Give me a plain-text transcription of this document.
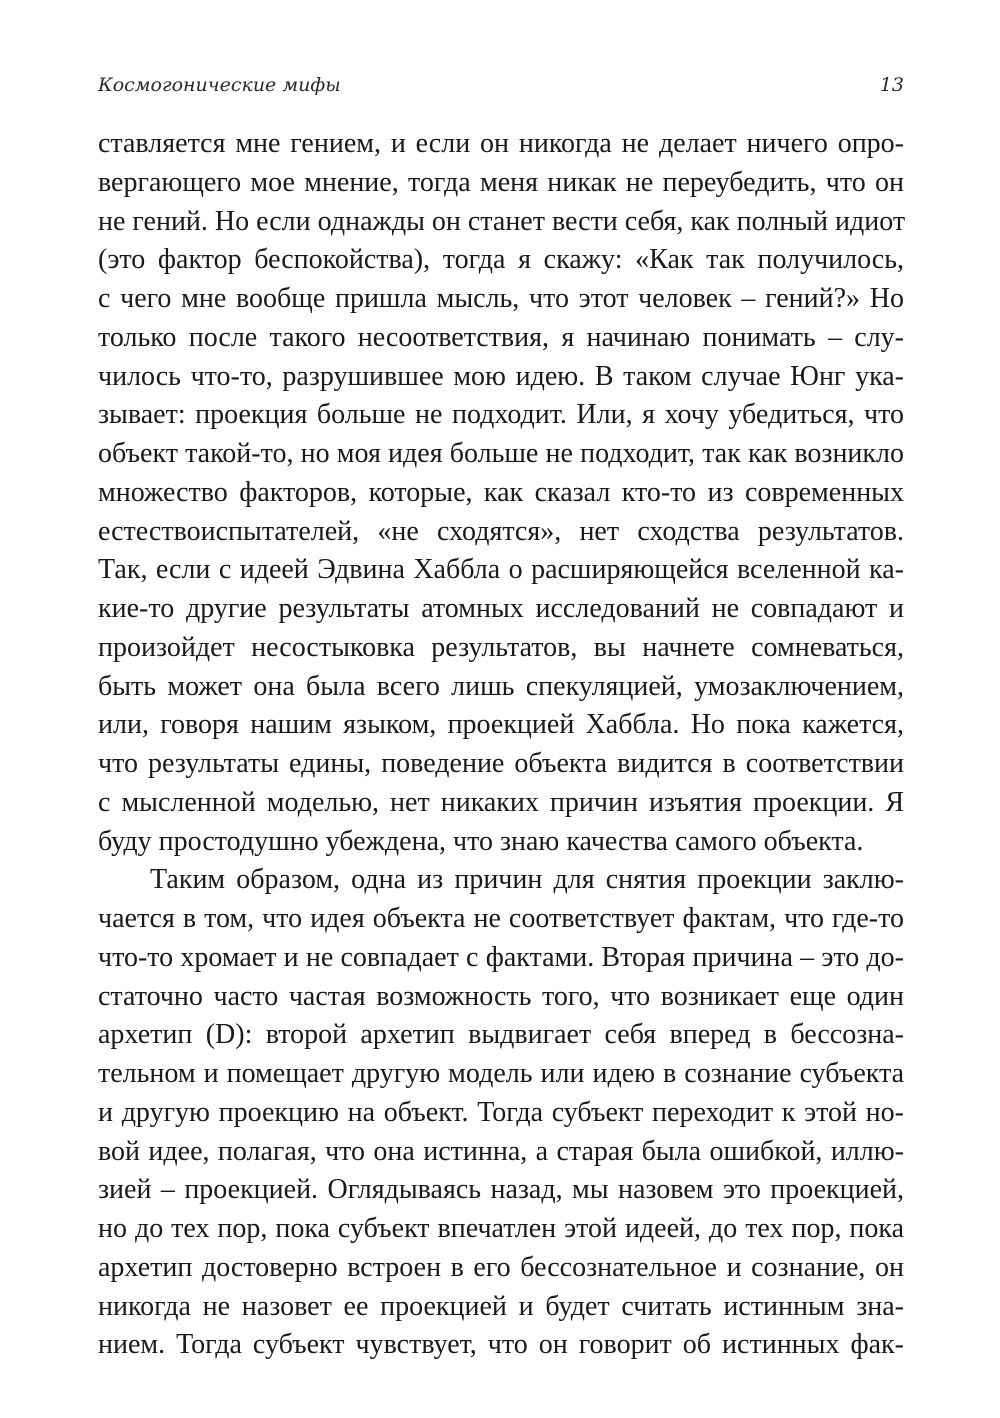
Космогонические мифы	13
ставляется мне гением, и если он никогда не делает ничего опро-
вергающего мое мнение, тогда меня никак не переубедить, что он
не гений. Но если однажды он станет вести себя, как полный идиот
(это фактор беспокойства), тогда я скажу: «Как так получилось,
с чего мне вообще пришла мысль, что этот человек – гений?» Но
только после такого несоответствия, я начинаю понимать – слу-
чилось что-то, разрушившее мою идею. В таком случае Юнг ука-
зывает: проекция больше не подходит. Или, я хочу убедиться, что
объект такой-то, но моя идея больше не подходит, так как возникло
множество факторов, которые, как сказал кто-то из современных
естествоиспытателей, «не сходятся», нет сходства результатов.
Так, если с идеей Эдвина Хаббла о расширяющейся вселенной ка-
кие-то другие результаты атомных исследований не совпадают и
произойдет несостыковка результатов, вы начнете сомневаться,
быть может она была всего лишь спекуляцией, умозаключением,
или, говоря нашим языком, проекцией Хаббла. Но пока кажется,
что результаты едины, поведение объекта видится в соответствии
с мысленной моделью, нет никаких причин изъятия проекции. Я
буду простодушно убеждена, что знаю качества самого объекта.
Таким образом, одна из причин для снятия проекции заклю-
чается в том, что идея объекта не соответствует фактам, что где-то
что-то хромает и не совпадает с фактами. Вторая причина – это до-
статочно часто частая возможность того, что возникает еще один
архетип (D): второй архетип выдвигает себя вперед в бессозна-
тельном и помещает другую модель или идею в сознание субъекта
и другую проекцию на объект. Тогда субъект переходит к этой но-
вой идее, полагая, что она истинна, а старая была ошибкой, иллю-
зией – проекцией. Оглядываясь назад, мы назовем это проекцией,
но до тех пор, пока субъект впечатлен этой идеей, до тех пор, пока
архетип достоверно встроен в его бессознательное и сознание, он
никогда не назовет ее проекцией и будет считать истинным зна-
нием. Тогда субъект чувствует, что он говорит об истинных фак-
